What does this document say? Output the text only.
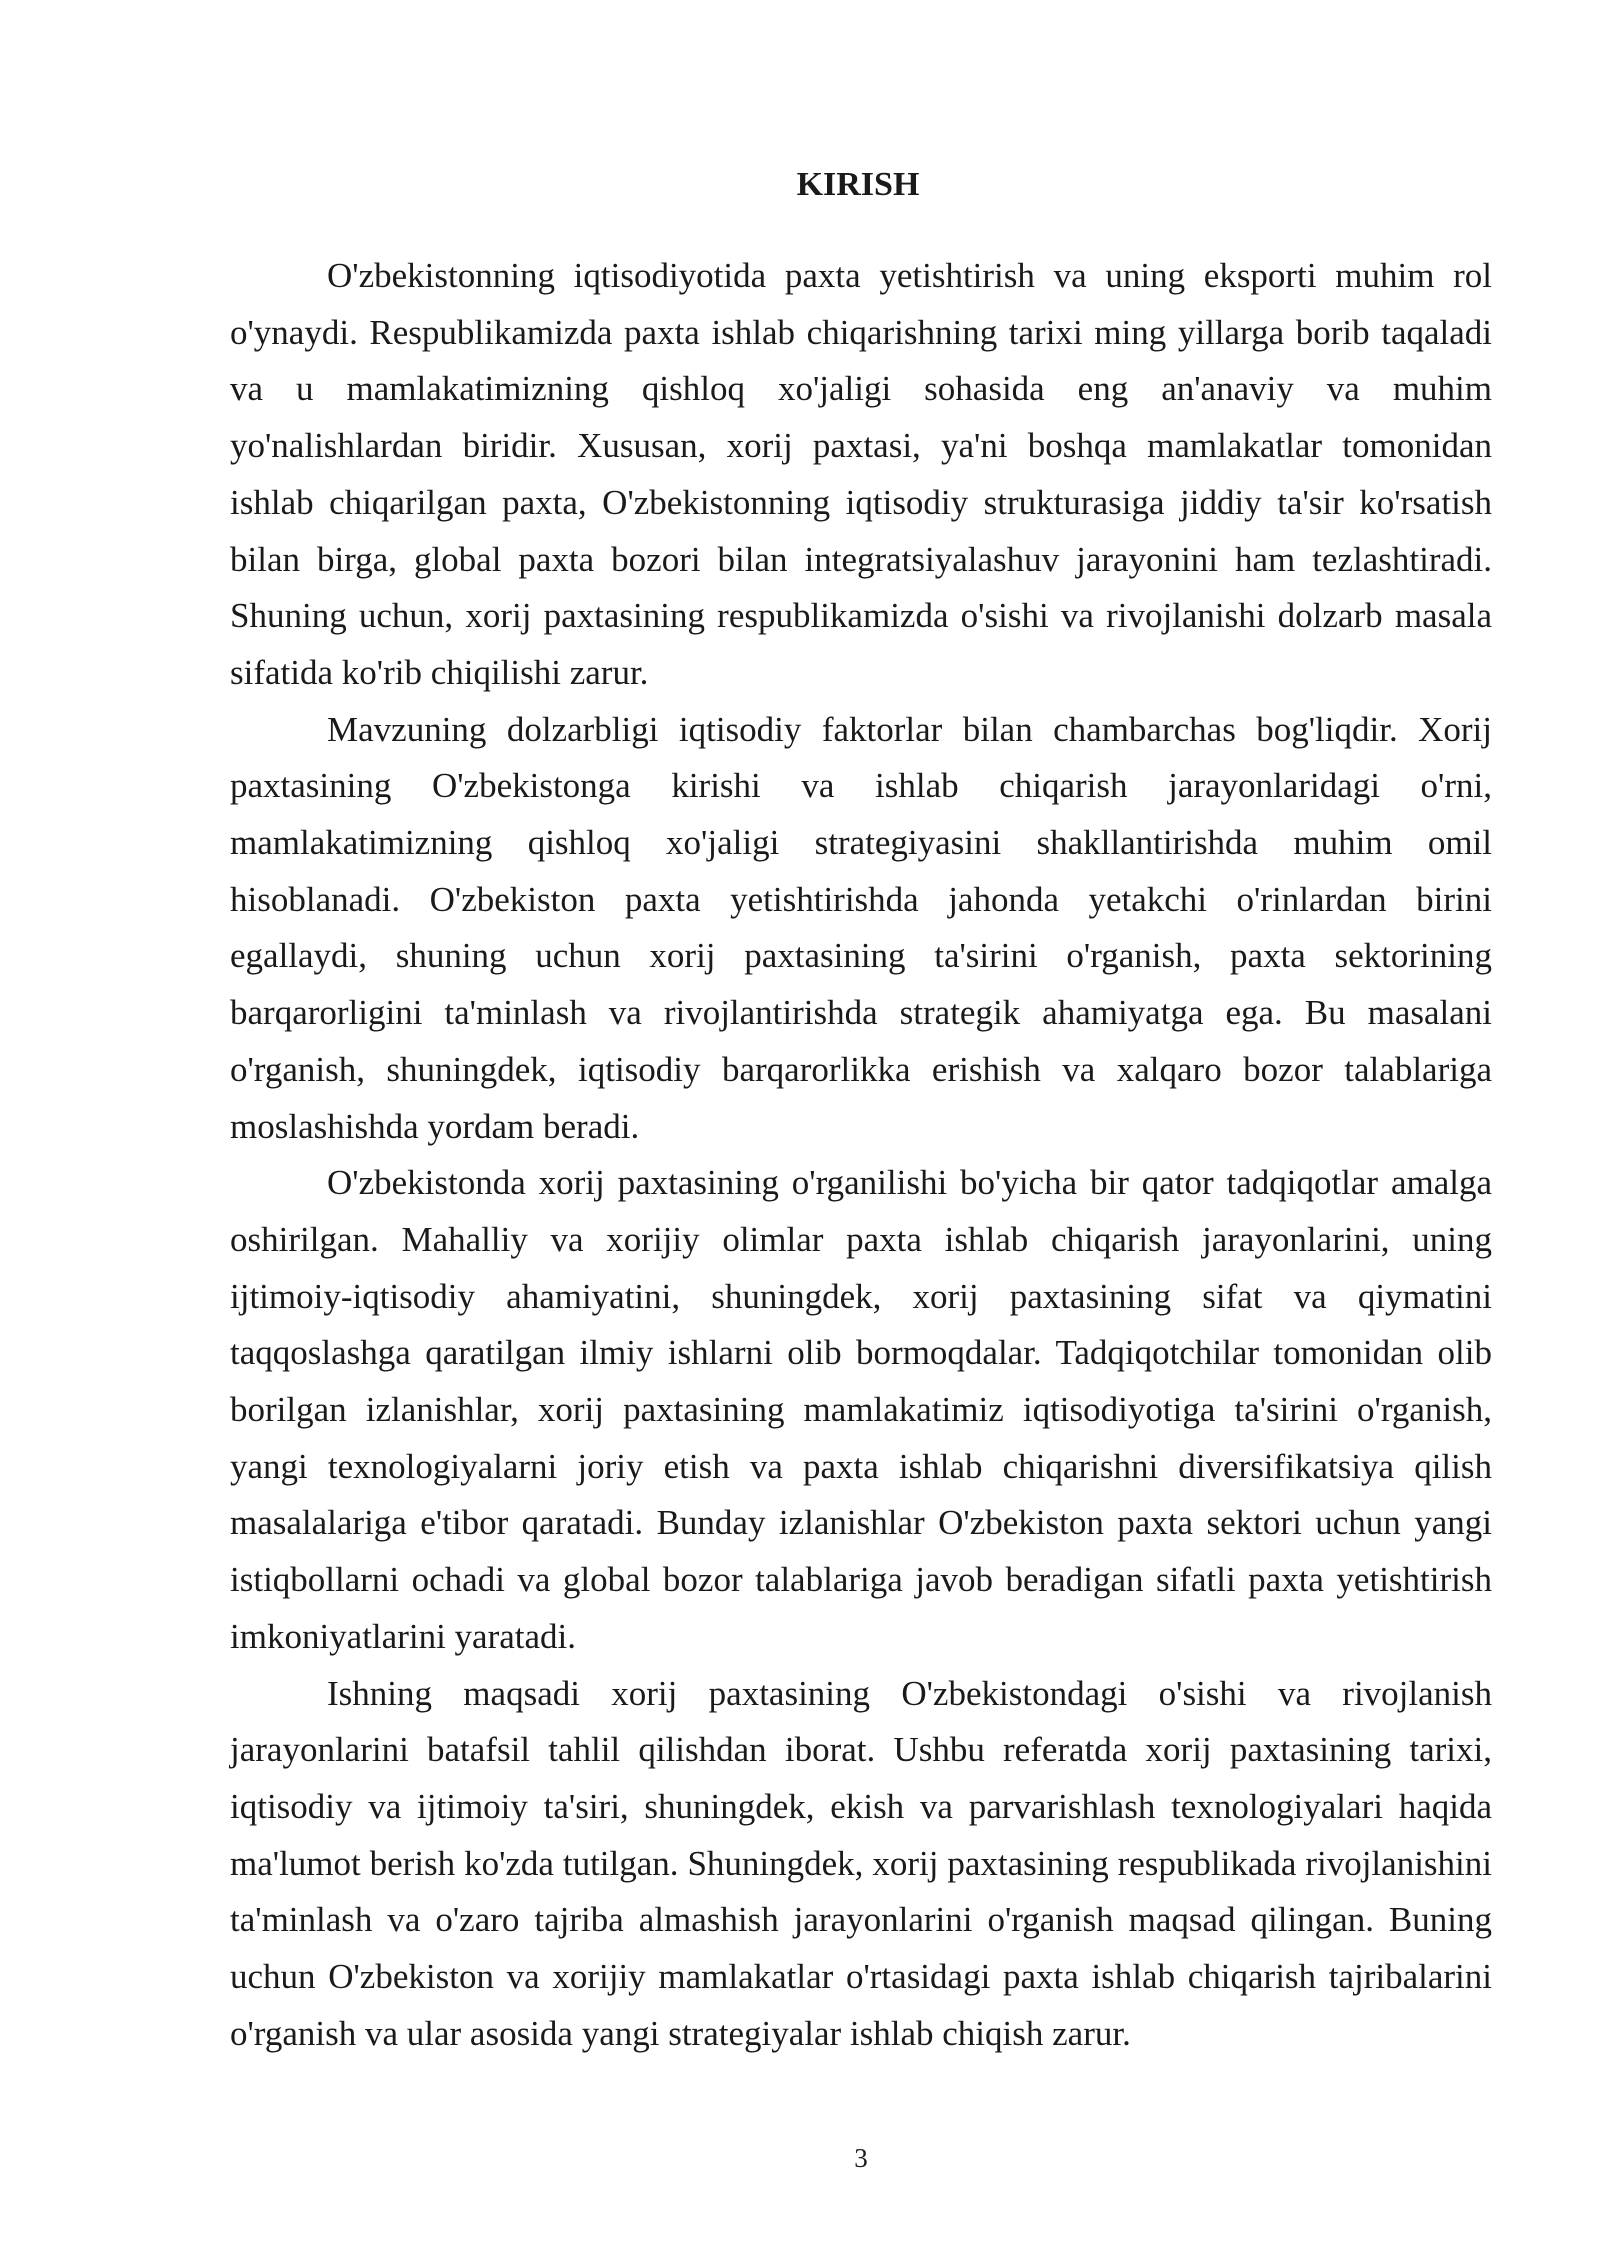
KIRISH

O'zbekistonning iqtisodiyotida paxta yetishtirish va uning eksporti muhim rol o'ynaydi. Respublikamizda paxta ishlab chiqarishning tarixi ming yillarga borib taqaladi va u mamlakatimizning qishloq xo'jaligi sohasida eng an'anaviy va muhim yo'nalishlardan biridir. Xususan, xorij paxtasi, ya'ni boshqa mamlakatlar tomonidan ishlab chiqarilgan paxta, O'zbekistonning iqtisodiy strukturasiga jiddiy ta'sir ko'rsatish bilan birga, global paxta bozori bilan integratsiyalashuv jarayonini ham tezlashtiradi. Shuning uchun, xorij paxtasining respublikamizda o'sishi va rivojlanishi dolzarb masala sifatida ko'rib chiqilishi zarur.

Mavzuning dolzarbligi iqtisodiy faktorlar bilan chambarchas bog'liqdir. Xorij paxtasining O'zbekistonga kirishi va ishlab chiqarish jarayonlaridagi o'rni, mamlakatimizning qishloq xo'jaligi strategiyasini shakllantirishda muhim omil hisoblanadi. O'zbekiston paxta yetishtirishda jahonda yetakchi o'rinlardan birini egallaydi, shuning uchun xorij paxtasining ta'sirini o'rganish, paxta sektorining barqarorligini ta'minlash va rivojlantirishda strategik ahamiyatga ega. Bu masalani o'rganish, shuningdek, iqtisodiy barqarorlikka erishish va xalqaro bozor talablariga moslashishda yordam beradi.

O'zbekistonda xorij paxtasining o'rganilishi bo'yicha bir qator tadqiqotlar amalga oshirilgan. Mahalliy va xorijiy olimlar paxta ishlab chiqarish jarayonlarini, uning ijtimoiy-iqtisodiy ahamiyatini, shuningdek, xorij paxtasining sifat va qiymatini taqqoslashga qaratilgan ilmiy ishlarni olib bormoqdalar. Tadqiqotchilar tomonidan olib borilgan izlanishlar, xorij paxtasining mamlakatimiz iqtisodiyotiga ta'sirini o'rganish, yangi texnologiyalarni joriy etish va paxta ishlab chiqarishni diversifikatsiya qilish masalalariga e'tibor qaratadi. Bunday izlanishlar O'zbekiston paxta sektori uchun yangi istiqbollarni ochadi va global bozor talablariga javob beradigan sifatli paxta yetishtirish imkoniyatlarini yaratadi.

Ishning maqsadi xorij paxtasining O'zbekistondagi o'sishi va rivojlanish jarayonlarini batafsil tahlil qilishdan iborat. Ushbu referatda xorij paxtasining tarixi, iqtisodiy va ijtimoiy ta'siri, shuningdek, ekish va parvarishlash texnologiyalari haqida ma'lumot berish ko'zda tutilgan. Shuningdek, xorij paxtasining respublikada rivojlanishini ta'minlash va o'zaro tajriba almashish jarayonlarini o'rganish maqsad qilingan. Buning uchun O'zbekiston va xorijiy mamlakatlar o'rtasidagi paxta ishlab chiqarish tajribalarini o'rganish va ular asosida yangi strategiyalar ishlab chiqish zarur.

3
